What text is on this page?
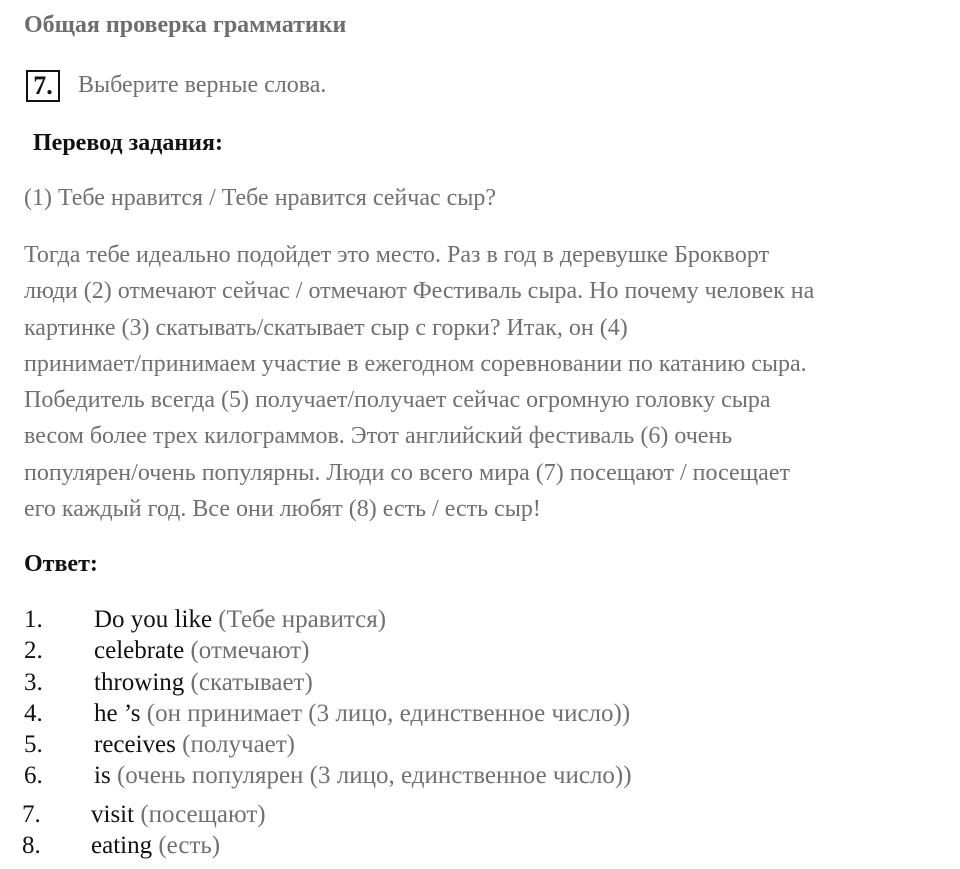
Общая проверка грамматики
7.	Выберите верные слова.
Перевод задания:
(1) Тебе нравится / Тебе нравится сейчас сыр?
Тогда тебе идеально подойдет это место. Раз в год в деревушке Броквoрт
люди (2) отмечают сейчас / отмечают Фестиваль сыра. Но почему человек на
картинке (3) скатывать/скатывает сыр с горки? Итак, он (4)
принимает/принимаем участие в ежегодном соревновании по катанию сыра.
Победитель всегда (5) получает/получает сейчас огромную головку сыра
весом более трех килограммов. Этот английский фестиваль (6) очень
популярен/очень популярны. Люди со всего мира (7) посещают / посещает
его каждый год. Все они любят (8) есть / есть сыр!
Ответ:
1. Do you like (Тебе нравится)
2. celebrate (отмечают)
3. throwing (скатывает)
4. he ’s (он принимает (3 лицо, единственное число))
5. receives (получает)
6. is (очень популярен (3 лицо, единственное число))
7. visit (посещают)
8. eating (есть)
